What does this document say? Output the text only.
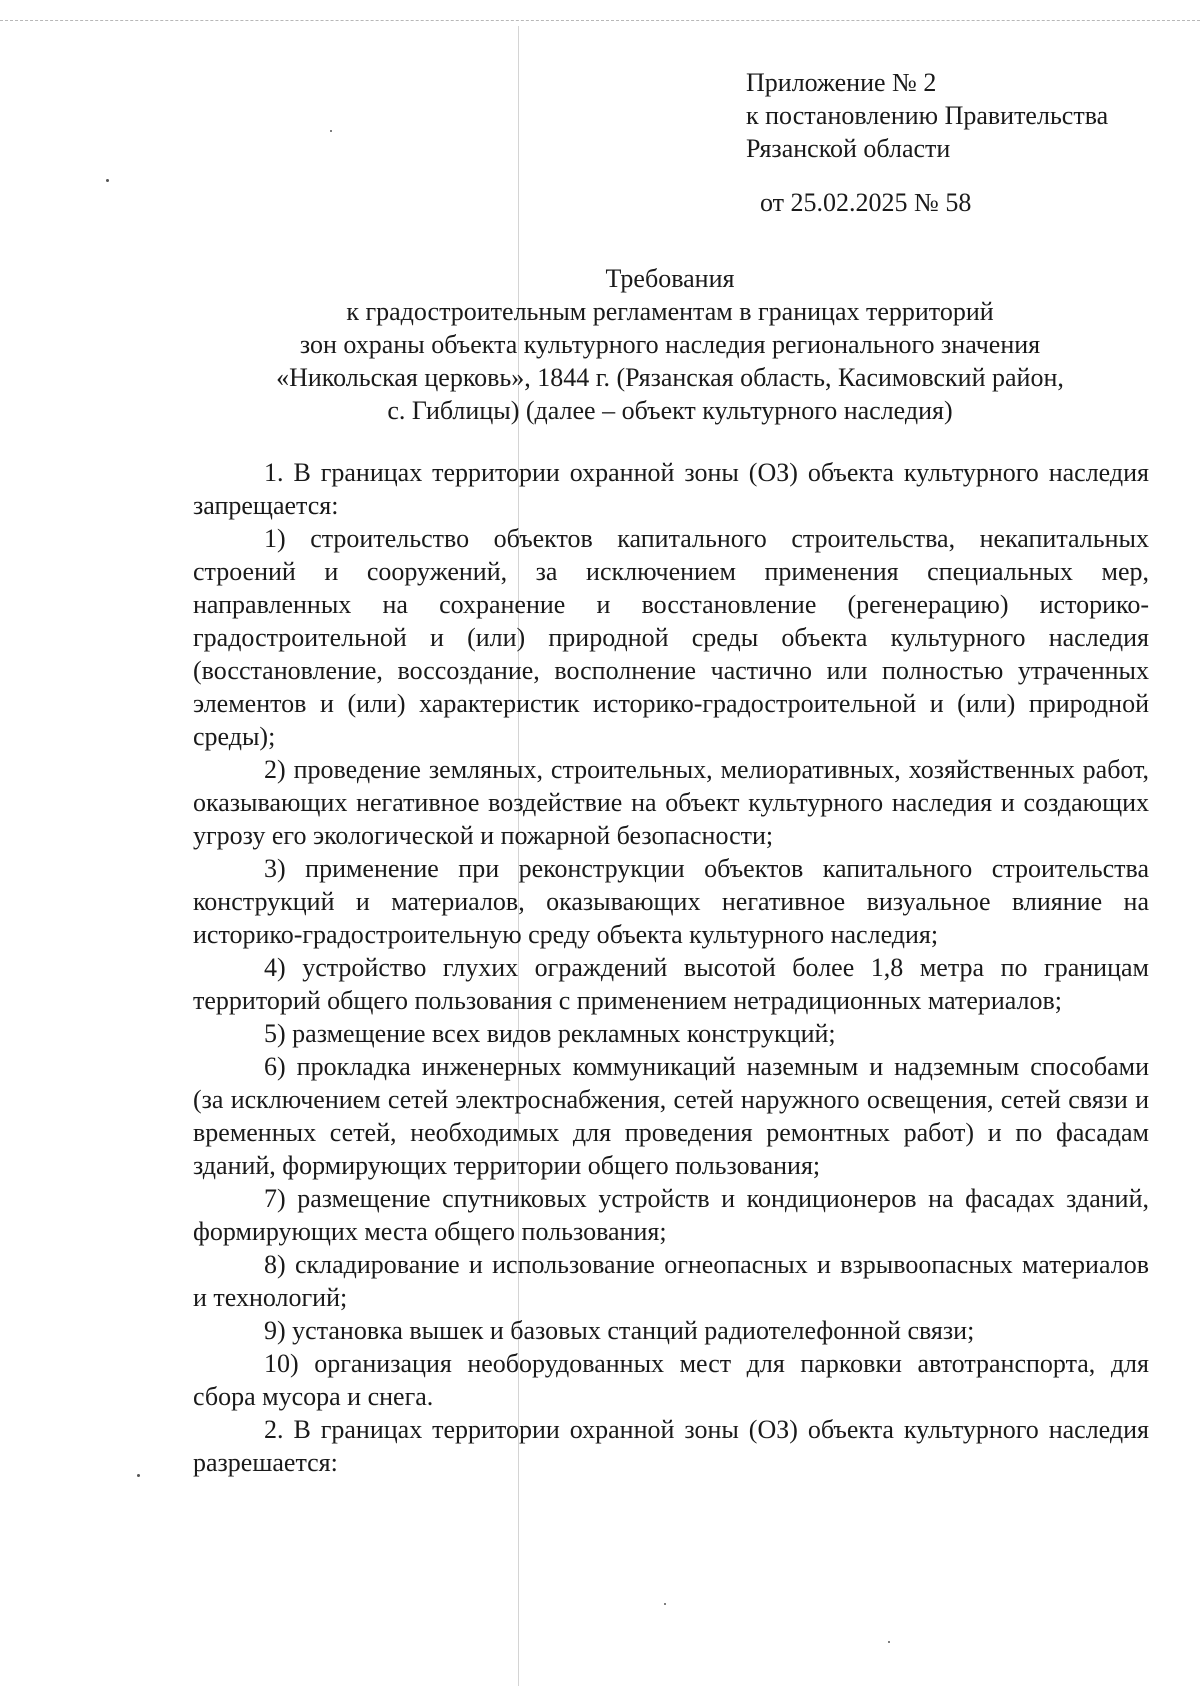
Приложение № 2
к постановлению Правительства
Рязанской области
от 25.02.2025 № 58
Требования
к градостроительным регламентам в границах территорий
зон охраны объекта культурного наследия регионального значения
«Никольская церковь», 1844 г. (Рязанская область, Касимовский район,
с. Гиблицы) (далее – объект культурного наследия)

1. В границах территории охранной зоны (ОЗ) объекта культурного наследия запрещается:

1) строительство объектов капитального строительства, некапитальных строений и сооружений, за исключением применения специальных мер, направленных на сохранение и восстановление (регенерацию) историко-градостроительной и (или) природной среды объекта культурного наследия (восстановление, воссоздание, восполнение частично или полностью утраченных элементов и (или) характеристик историко-градостроительной и (или) природной среды);

2) проведение земляных, строительных, мелиоративных, хозяйственных работ, оказывающих негативное воздействие на объект культурного наследия и создающих угрозу его экологической и пожарной безопасности;

3) применение при реконструкции объектов капитального строительства конструкций и материалов, оказывающих негативное визуальное влияние на историко-градостроительную среду объекта культурного наследия;

4) устройство глухих ограждений высотой более 1,8 метра по границам территорий общего пользования с применением нетрадиционных материалов;

5) размещение всех видов рекламных конструкций;

6) прокладка инженерных коммуникаций наземным и надземным способами (за исключением сетей электроснабжения, сетей наружного освещения, сетей связи и временных сетей, необходимых для проведения ремонтных работ) и по фасадам зданий, формирующих территории общего пользования;

7) размещение спутниковых устройств и кондиционеров на фасадах зданий, формирующих места общего пользования;

8) складирование и использование огнеопасных и взрывоопасных материалов и технологий;

9) установка вышек и базовых станций радиотелефонной связи;

10) организация необорудованных мест для парковки автотранспорта, для сбора мусора и снега.

2. В границах территории охранной зоны (ОЗ) объекта культурного наследия разрешается:
